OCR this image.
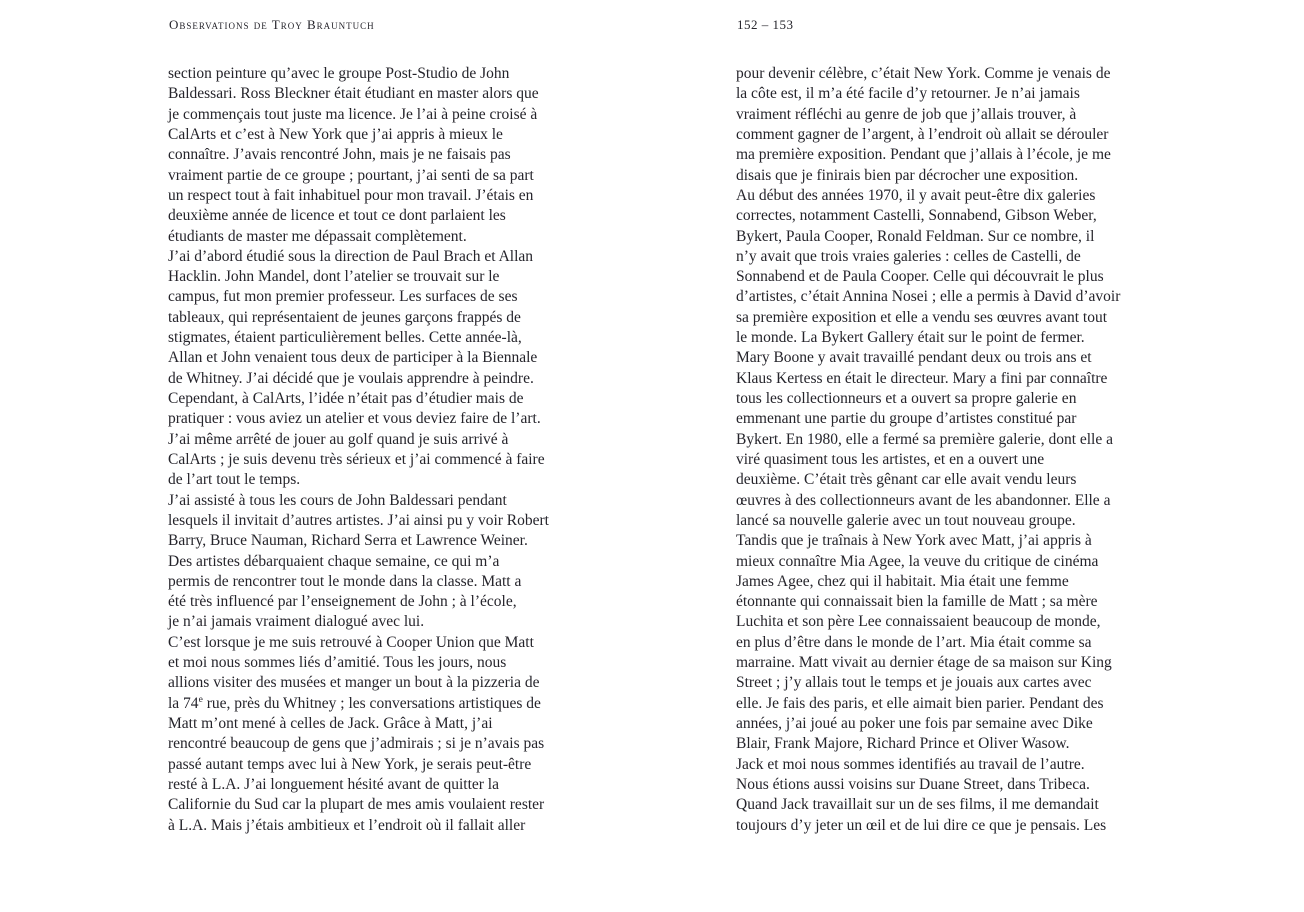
Observations de Troy Brauntuch	152 – 153
section peinture qu’avec le groupe Post-Studio de John
Baldessari. Ross Bleckner était étudiant en master alors que
je commençais tout juste ma licence. Je l’ai à peine croisé à
CalArts et c’est à New York que j’ai appris à mieux le
connaître. J’avais rencontré John, mais je ne faisais pas
vraiment partie de ce groupe ; pourtant, j’ai senti de sa part
un respect tout à fait inhabituel pour mon travail. J’étais en
deuxième année de licence et tout ce dont parlaient les
étudiants de master me dépassait complètement.
J’ai d’abord étudié sous la direction de Paul Brach et Allan
Hacklin. John Mandel, dont l’atelier se trouvait sur le
campus, fut mon premier professeur. Les surfaces de ses
tableaux, qui représentaient de jeunes garçons frappés de
stigmates, étaient particulièrement belles. Cette année-là,
Allan et John venaient tous deux de participer à la Biennale
de Whitney. J’ai décidé que je voulais apprendre à peindre.
Cependant, à CalArts, l’idée n’était pas d’étudier mais de
pratiquer : vous aviez un atelier et vous deviez faire de l’art.
J’ai même arrêté de jouer au golf quand je suis arrivé à
CalArts ; je suis devenu très sérieux et j’ai commencé à faire
de l’art tout le temps.
J’ai assisté à tous les cours de John Baldessari pendant
lesquels il invitait d’autres artistes. J’ai ainsi pu y voir Robert
Barry, Bruce Nauman, Richard Serra et Lawrence Weiner.
Des artistes débarquaient chaque semaine, ce qui m’a
permis de rencontrer tout le monde dans la classe. Matt a
été très influencé par l’enseignement de John ; à l’école,
je n’ai jamais vraiment dialogué avec lui.
C’est lorsque je me suis retrouvé à Cooper Union que Matt
et moi nous sommes liés d’amitié. Tous les jours, nous
allions visiter des musées et manger un bout à la pizzeria de
la 74e rue, près du Whitney ; les conversations artistiques de
Matt m’ont mené à celles de Jack. Grâce à Matt, j’ai
rencontré beaucoup de gens que j’admirais ; si je n’avais pas
passé autant temps avec lui à New York, je serais peut-être
resté à L.A. J’ai longuement hésité avant de quitter la
Californie du Sud car la plupart de mes amis voulaient rester
à L.A. Mais j’étais ambitieux et l’endroit où il fallait aller
pour devenir célèbre, c’était New York. Comme je venais de
la côte est, il m’a été facile d’y retourner. Je n’ai jamais
vraiment réfléchi au genre de job que j’allais trouver, à
comment gagner de l’argent, à l’endroit où allait se dérouler
ma première exposition. Pendant que j’allais à l’école, je me
disais que je finirais bien par décrocher une exposition.
Au début des années 1970, il y avait peut-être dix galeries
correctes, notamment Castelli, Sonnabend, Gibson Weber,
Bykert, Paula Cooper, Ronald Feldman. Sur ce nombre, il
n’y avait que trois vraies galeries : celles de Castelli, de
Sonnabend et de Paula Cooper. Celle qui découvrait le plus
d’artistes, c’était Annina Nosei ; elle a permis à David d’avoir
sa première exposition et elle a vendu ses œuvres avant tout
le monde. La Bykert Gallery était sur le point de fermer.
Mary Boone y avait travaillé pendant deux ou trois ans et
Klaus Kertess en était le directeur. Mary a fini par connaître
tous les collectionneurs et a ouvert sa propre galerie en
emmenant une partie du groupe d’artistes constitué par
Bykert. En 1980, elle a fermé sa première galerie, dont elle a
viré quasiment tous les artistes, et en a ouvert une
deuxième. C’était très gênant car elle avait vendu leurs
œuvres à des collectionneurs avant de les abandonner. Elle a
lancé sa nouvelle galerie avec un tout nouveau groupe.
Tandis que je traînais à New York avec Matt, j’ai appris à
mieux connaître Mia Agee, la veuve du critique de cinéma
James Agee, chez qui il habitait. Mia était une femme
étonnante qui connaissait bien la famille de Matt ; sa mère
Luchita et son père Lee connaissaient beaucoup de monde,
en plus d’être dans le monde de l’art. Mia était comme sa
marraine. Matt vivait au dernier étage de sa maison sur King
Street ; j’y allais tout le temps et je jouais aux cartes avec
elle. Je fais des paris, et elle aimait bien parier. Pendant des
années, j’ai joué au poker une fois par semaine avec Dike
Blair, Frank Majore, Richard Prince et Oliver Wasow.
Jack et moi nous sommes identifiés au travail de l’autre.
Nous étions aussi voisins sur Duane Street, dans Tribeca.
Quand Jack travaillait sur un de ses films, il me demandait
toujours d’y jeter un œil et de lui dire ce que je pensais. Les
